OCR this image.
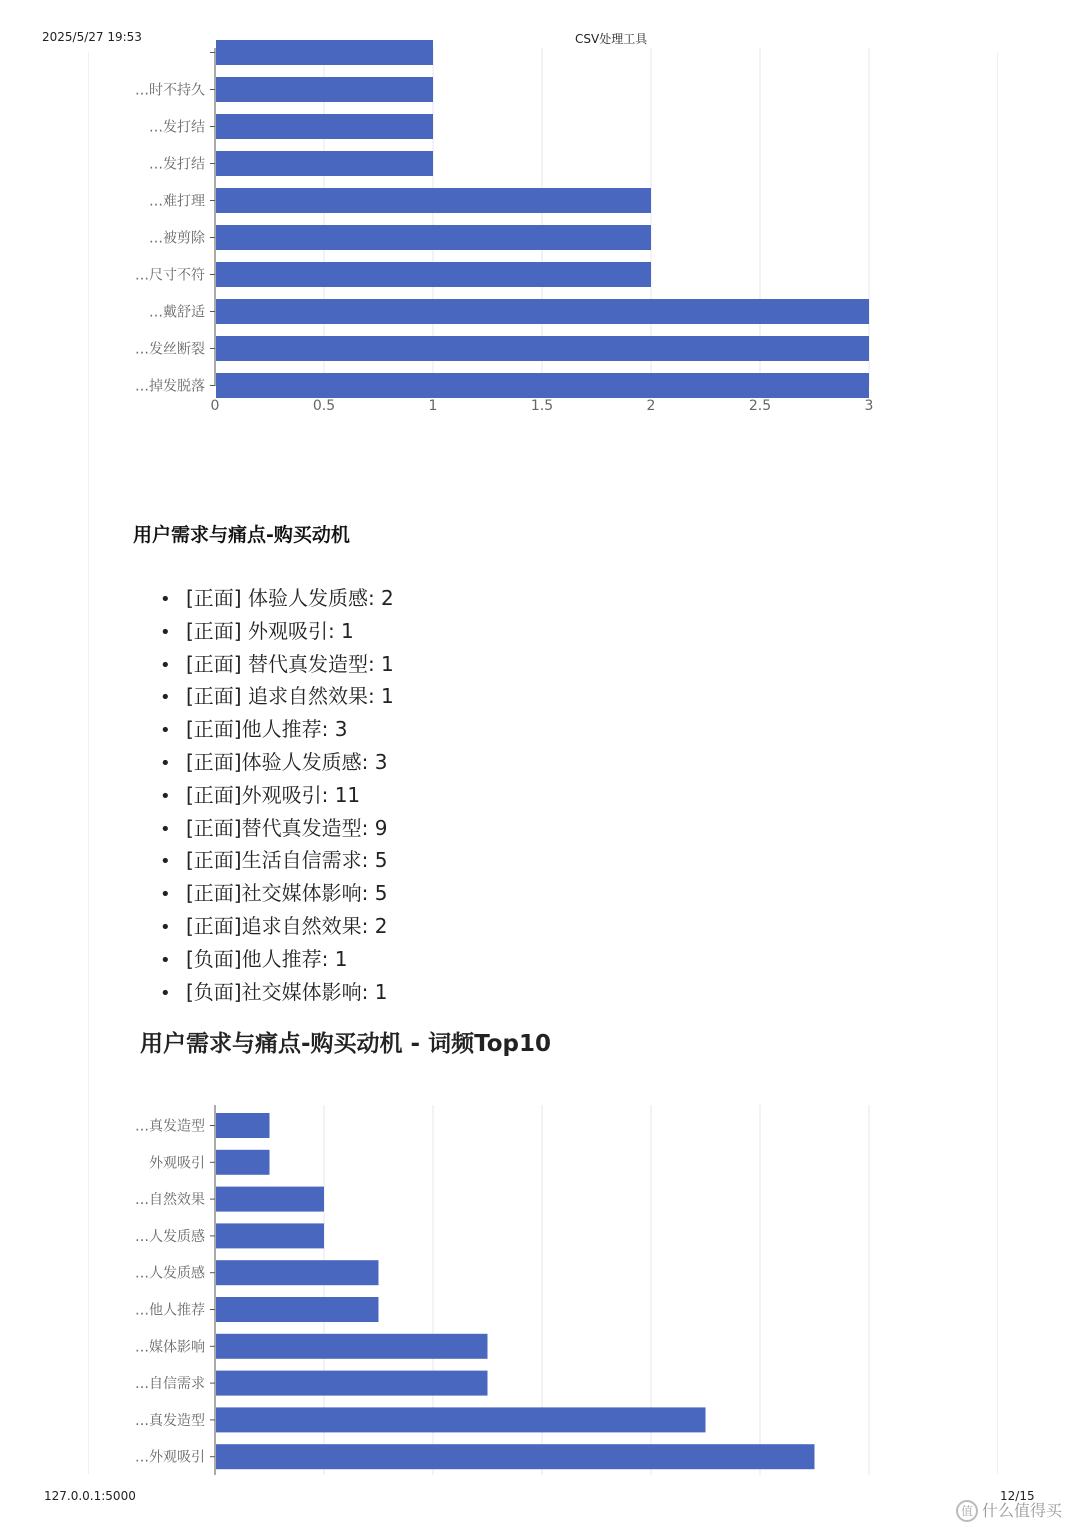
2025/5/27 19:53	CSV处理工具
…时不持久
…发打结
…发打结
…难打理
…被剪除
…尺寸不符
…戴舒适
…发丝断裂
…掉发脱落
0	0.5	1	1.5	2	2.5	3
用户需求与痛点-购买动机
• [正面] 体验人发质感: 2
• [正面] 外观吸引: 1
• [正面] 替代真发造型: 1
• [正面] 追求自然效果: 1
• [正面]他人推荐: 3
• [正面]体验人发质感: 3
• [正面]外观吸引: 11
• [正面]替代真发造型: 9
• [正面]生活自信需求: 5
• [正面]社交媒体影响: 5
• [正面]追求自然效果: 2
• [负面]他人推荐: 1
• [负面]社交媒体影响: 1
用户需求与痛点-购买动机 - 词频Top10
…真发造型
外观吸引
…自然效果
…人发质感
…人发质感
…他人推荐
…媒体影响
…自信需求
…真发造型
…外观吸引
127.0.0.1:5000	12/15
值 什么值得买
